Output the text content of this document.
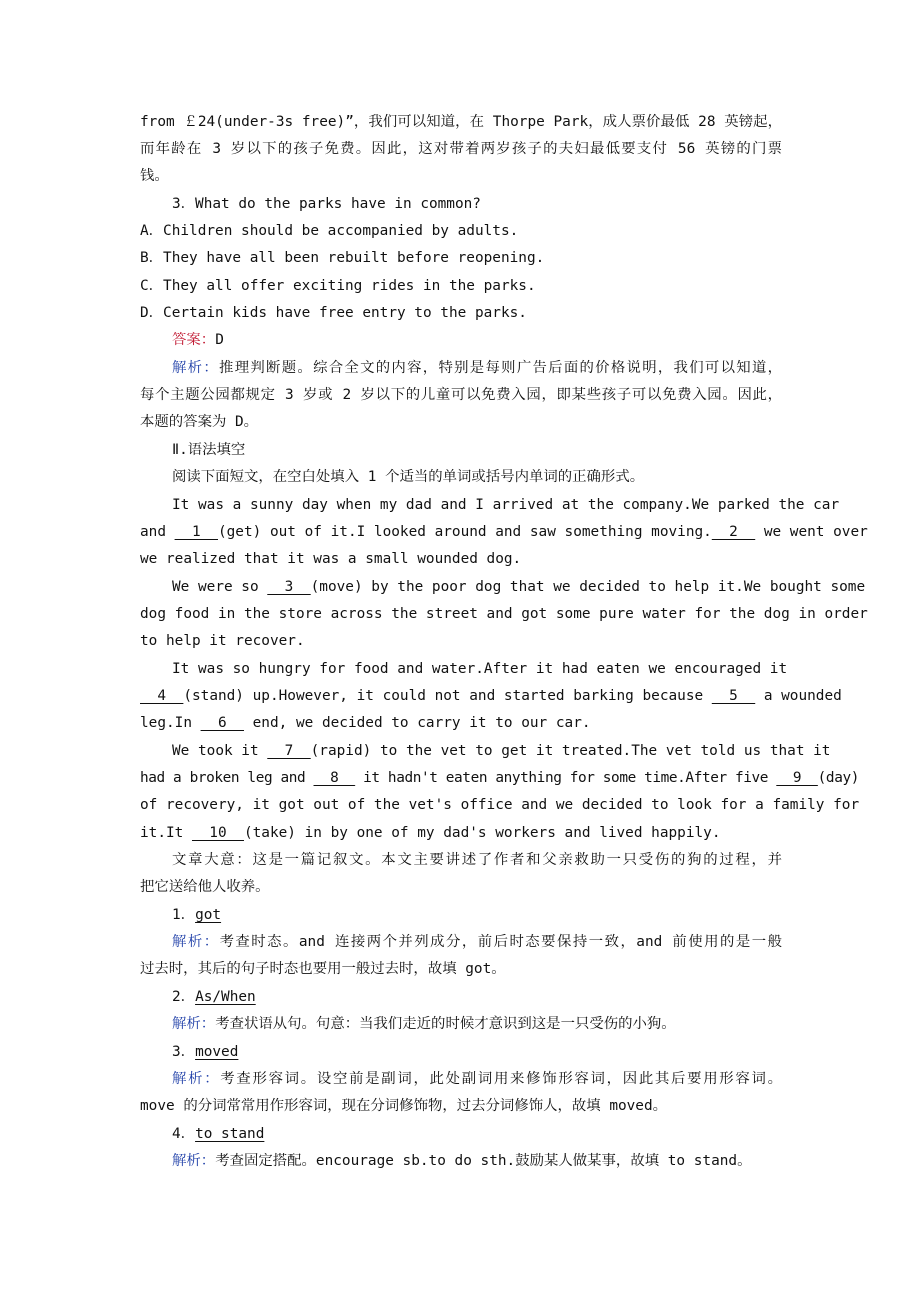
from ￡24(under-3s free)”，我们可以知道，在 Thorpe Park，成人票价最低 28 英镑起，
而年龄在 3 岁以下的孩子免费。因此，这对带着两岁孩子的夫妇最低要支付 56 英镑的门票
钱。
3．What do the parks have in common?
A．Children should be accompanied by adults.
B．They have all been rebuilt before reopening.
C．They all offer exciting rides in the parks.
D．Certain kids have free entry to the parks.
答案：D
解析：推理判断题。综合全文的内容，特别是每则广告后面的价格说明，我们可以知道，
每个主题公园都规定 3 岁或 2 岁以下的儿童可以免费入园，即某些孩子可以免费入园。因此，
本题的答案为 D。
Ⅱ.语法填空
阅读下面短文，在空白处填入 1 个适当的单词或括号内单词的正确形式。
It was a sunny day when my dad and I arrived at the company.We parked the car
and __1__(get) out of it.I looked around and saw something moving.__2__ we went over
we realized that it was a small wounded dog.
We were so __3__(move) by the poor dog that we decided to help it.We bought some
dog food in the store across the street and got some pure water for the dog in order
to help it recover.
It was so hungry for food and water.After it had eaten we encouraged it
__4__(stand) up.However, it could not and started barking because __5__ a wounded
leg.In __6__ end, we decided to carry it to our car.
We took it __7__(rapid) to the vet to get it treated.The vet told us that it
had a broken leg and __8__ it hadn't eaten anything for some time.After five __9__(day)
of recovery, it got out of the vet's office and we decided to look for a family for
it.It __10__(take) in by one of my dad's workers and lived happily.
文章大意：这是一篇记叙文。本文主要讲述了作者和父亲救助一只受伤的狗的过程，并
把它送给他人收养。
1．got
解析：考查时态。and 连接两个并列成分，前后时态要保持一致，and 前使用的是一般
过去时，其后的句子时态也要用一般过去时，故填 got。
2．As/When
解析：考查状语从句。句意：当我们走近的时候才意识到这是一只受伤的小狗。
3．moved
解析：考查形容词。设空前是副词，此处副词用来修饰形容词，因此其后要用形容词。
move 的分词常常用作形容词，现在分词修饰物，过去分词修饰人，故填 moved。
4．to stand
解析：考查固定搭配。encourage sb.to do sth.鼓励某人做某事，故填 to stand。
